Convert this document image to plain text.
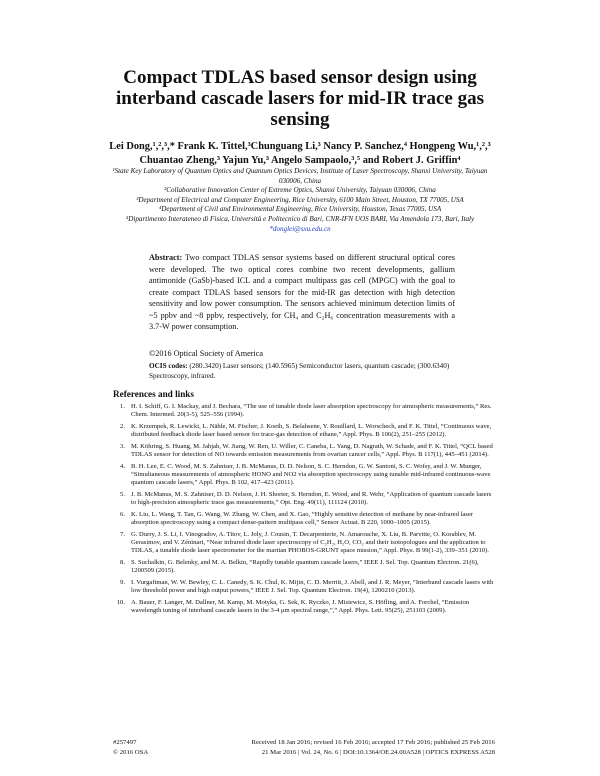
Compact TDLAS based sensor design using interband cascade lasers for mid-IR trace gas sensing
Lei Dong,¹,²,³,* Frank K. Tittel,³Chunguang Li,³ Nancy P. Sanchez,⁴ Hongpeng Wu,¹,²,³
Chuantao Zheng,³ Yajun Yu,³ Angelo Sampaolo,³,⁵ and Robert J. Griffin⁴
¹State Key Laboratory of Quantum Optics and Quantum Optics Devices, Institute of Laser Spectroscopy, Shanxi University, Taiyuan 030006, China
²Collaborative Innovation Center of Extreme Optics, Shanxi University, Taiyuan 030006, China
³Department of Electrical and Computer Engineering, Rice University, 6100 Main Street, Houston, TX 77005, USA
⁴Department of Civil and Environmental Engineering, Rice University, Houston, Texas 77005, USA
⁵Dipartimento Interateneo di Fisica, Università e Politecnico di Bari, CNR-IFN UOS BARI, Via Amendola 173, Bari, Italy
*donglei@sxu.edu.cn
Abstract: Two compact TDLAS sensor systems based on different structural optical cores were developed. The two optical cores combine two recent developments, gallium antimonide (GaSb)-based ICL and a compact multipass gas cell (MPGC) with the goal to create compact TDLAS based sensors for the mid-IR gas detection with high detection sensitivity and low power consumption. The sensors achieved minimum detection limits of ~5 ppbv and ~8 ppbv, respectively, for CH₄ and C₂H₆ concentration measurements with a 3.7-W power consumption.
©2016 Optical Society of America
OCIS codes: (280.3420) Laser sensors; (140.5965) Semiconductor lasers, quantum cascade; (300.6340) Spectroscopy, infrared.
References and links
1. H. I. Schiff, G. I. Mackay, and J. Bechara, “The use of tunable diode laser absorption spectroscopy for atmospheric measurements,” Res. Chem. Intermed. 20(3-5), 525–556 (1994).
2. K. Krzempek, R. Lewicki, L. Nähle, M. Fischer, J. Koeth, S. Belahsene, Y. Rouillard, L. Worschech, and F. K. Tittel, “Continuous wave, distributed feedback diode laser based sensor for trace-gas detection of ethane,” Appl. Phys. B 106(2), 251–255 (2012).
3. M. Köhring, S. Huang, M. Jahjah, W. Jiang, W. Ren, U. Willer, C. Caneba, L. Yang, D. Nagrath, W. Schade, and F. K. Tittel, “QCL based TDLAS sensor for detection of NO towards emission measurements from ovarian cancer cells,” Appl. Phys. B 117(1), 445–451 (2014).
4. B. H. Lee, E. C. Wood, M. S. Zahniser, J. B. McManus, D. D. Nelson, S. C. Herndon, G. W. Santoni, S. C. Wofsy, and J. W. Munger, “Simultaneous measurements of atmospheric HONO and NO2 via absorption spectroscopy using tunable mid-infrared continuous-wave quantum cascade lasers,” Appl. Phys. B 102, 417–423 (2011).
5. J. B. McManus, M. S. Zahniser, D. D. Nelson, J. H. Shorter, S. Herndon, E. Wood, and R. Wehr, “Application of quantum cascade lasers to high-precision atmospheric trace gas measurements,” Opt. Eng. 49(11), 111124 (2010).
6. K. Liu, L. Wang, T. Tan, G. Wang, W. Zhang, W. Chen, and X. Gao, “Highly sensitive detection of methane by near-infrared laser absorption spectroscopy using a compact dense-pattern multipass cell,” Sensor Actuat. B 220, 1000–1005 (2015).
7. G. Durry, J. S. Li, I. Vinogradov, A. Titov, L. Joly, J. Cousin, T. Decarpenterie, N. Amarouche, X. Liu, B. Parvitte, O. Korablev, M. Gerasimov, and V. Zéninari, “Near infrared diode laser spectroscopy of C₂H₂, H₂O, CO₂ and their isotopologues and the application to TDLAS, a tunable diode laser spectrometer for the martian PHOBOS-GRUNT space mission,” Appl. Phys. B 99(1-2), 339–351 (2010).
8. S. Suchalkin, G. Belenky, and M. A. Belkin, “Rapidly tunable quantum cascade lasers,” IEEE J. Sel. Top. Quantum Electron. 21(6), 1200509 (2015).
9. I. Vurgaftman, W. W. Bewley, C. L. Canedy, S. K. Chul, K. Mijin, C. D. Merritt, J. Abell, and J. R. Meyer, “Interband cascade lasers with low threshold power and high output powers,” IEEE J. Sel. Top. Quantum Electron. 19(4), 1200210 (2013).
10. A. Bauer, F. Langer, M. Dallner, M. Kamp, M. Motyka, G. Sek, K. Ryczko, J. Misiewicz, S. Höfling, and A. Forchel, “Emission wavelength tuning of interband cascade lasers in the 3-4 μm spectral range,”,” Appl. Phys. Lett. 95(25), 251103 (2009).
#257497	Received 18 Jan 2016; revised 16 Feb 2016; accepted 17 Feb 2016; published 25 Feb 2016
© 2016 OSA	21 Mar 2016 | Vol. 24, No. 6 | DOI:10.1364/OE.24.00A528 | OPTICS EXPRESS A528
